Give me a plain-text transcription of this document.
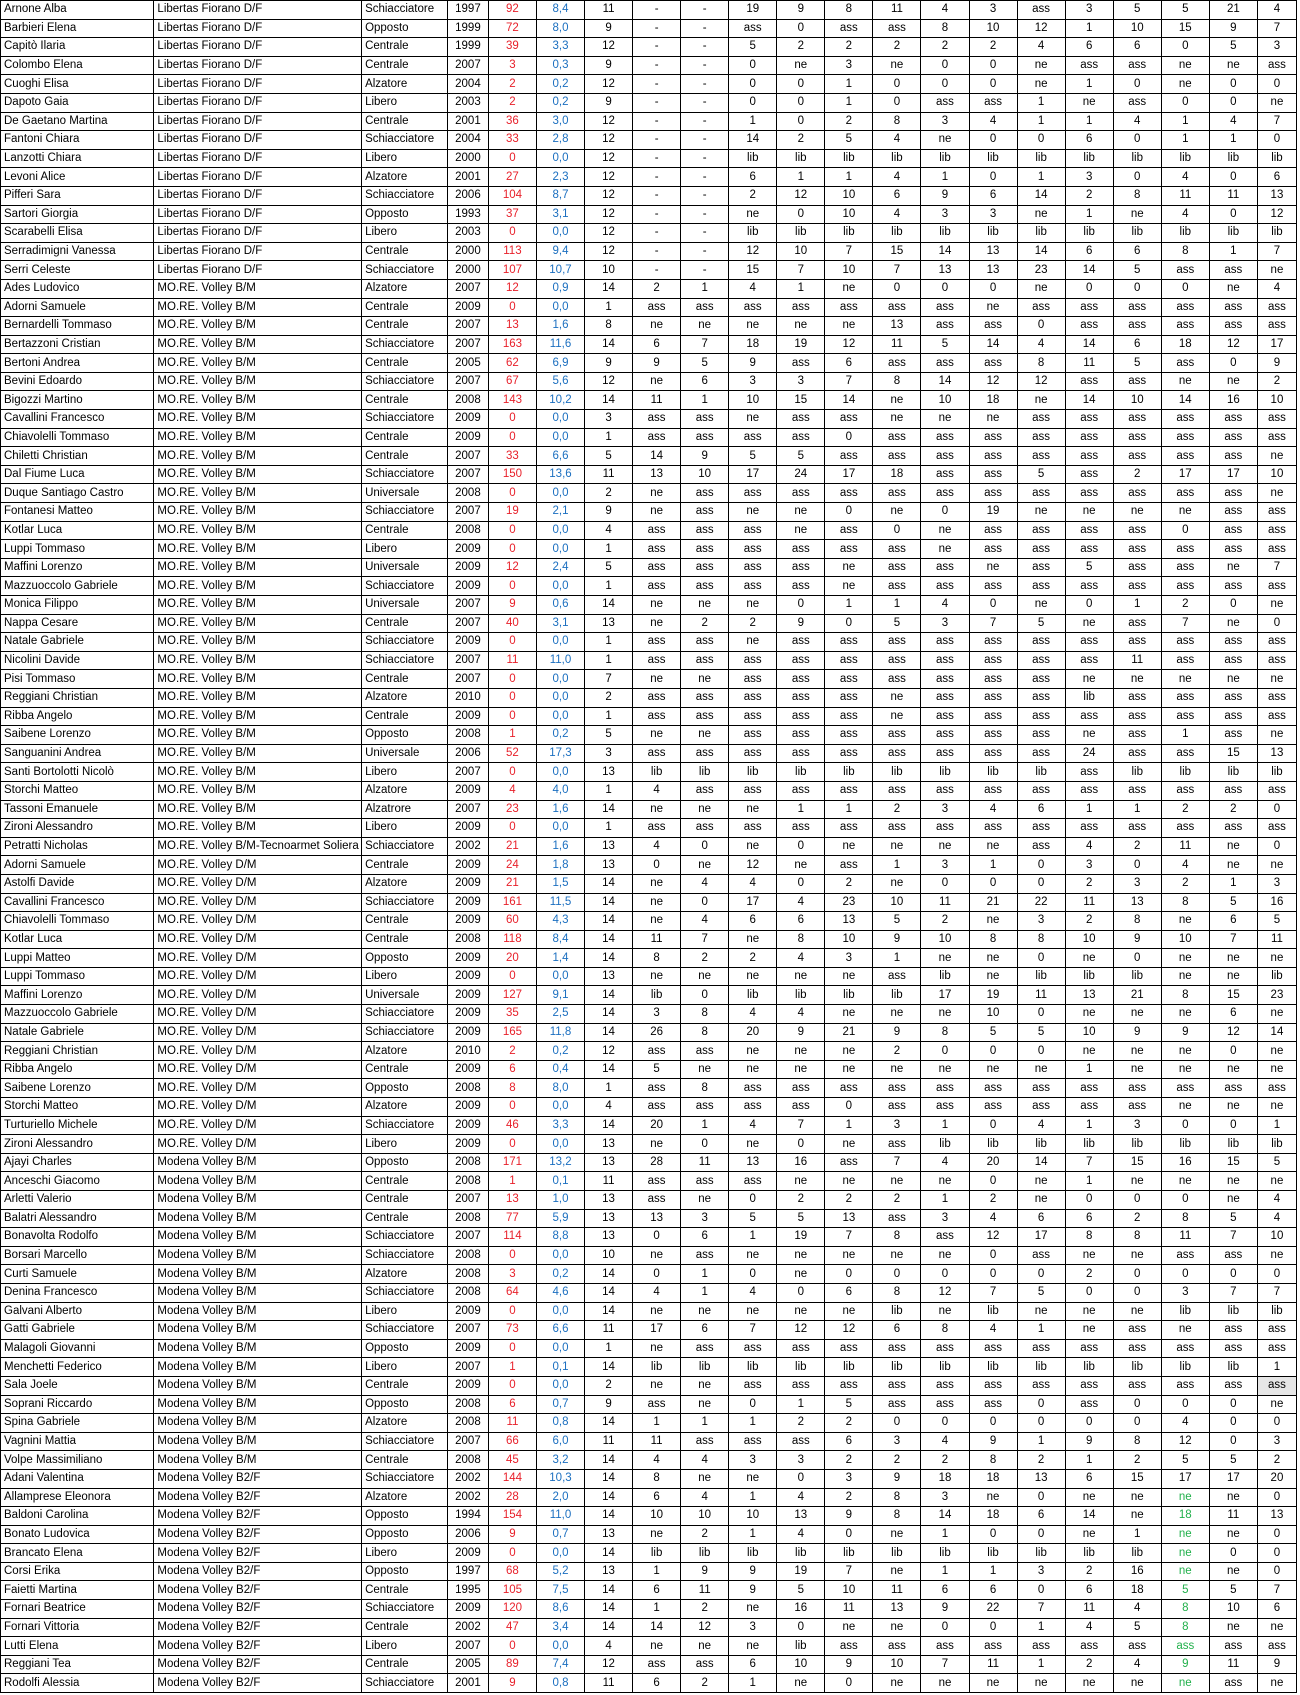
Arnone Alba	Libertas Fiorano D/F	Schiacciatore	1997	92	8,4	11	-	-	19	9	8	11	4	3	ass	3	5	5	21	4
Barbieri Elena	Libertas Fiorano D/F	Opposto	1999	72	8,0	9	-	-	ass	0	ass	ass	8	10	12	1	10	15	9	7
Capitò Ilaria	Libertas Fiorano D/F	Centrale	1999	39	3,3	12	-	-	5	2	2	2	2	2	4	6	6	0	5	3
Colombo Elena	Libertas Fiorano D/F	Centrale	2007	3	0,3	9	-	-	0	ne	3	ne	0	0	ne	ass	ass	ne	ne	ass
Cuoghi Elisa	Libertas Fiorano D/F	Alzatore	2004	2	0,2	12	-	-	0	0	1	0	0	0	ne	1	0	ne	0	0
Dapoto Gaia	Libertas Fiorano D/F	Libero	2003	2	0,2	9	-	-	0	0	1	0	ass	ass	1	ne	ass	0	0	ne
De Gaetano Martina	Libertas Fiorano D/F	Centrale	2001	36	3,0	12	-	-	1	0	2	8	3	4	1	1	4	1	4	7
Fantoni Chiara	Libertas Fiorano D/F	Schiacciatore	2004	33	2,8	12	-	-	14	2	5	4	ne	0	0	6	0	1	1	0
Lanzotti Chiara	Libertas Fiorano D/F	Libero	2000	0	0,0	12	-	-	lib	lib	lib	lib	lib	lib	lib	lib	lib	lib	lib	lib
Levoni Alice	Libertas Fiorano D/F	Alzatore	2001	27	2,3	12	-	-	6	1	1	4	1	0	1	3	0	4	0	6
Pifferi Sara	Libertas Fiorano D/F	Schiacciatore	2006	104	8,7	12	-	-	2	12	10	6	9	6	14	2	8	11	11	13
Sartori Giorgia	Libertas Fiorano D/F	Opposto	1993	37	3,1	12	-	-	ne	0	10	4	3	3	ne	1	ne	4	0	12
Scarabelli Elisa	Libertas Fiorano D/F	Libero	2003	0	0,0	12	-	-	lib	lib	lib	lib	lib	lib	lib	lib	lib	lib	lib	lib
Serradimigni Vanessa	Libertas Fiorano D/F	Centrale	2000	113	9,4	12	-	-	12	10	7	15	14	13	14	6	6	8	1	7
Serri Celeste	Libertas Fiorano D/F	Schiacciatore	2000	107	10,7	10	-	-	15	7	10	7	13	13	23	14	5	ass	ass	ne
Ades Ludovico	MO.RE. Volley B/M	Alzatore	2007	12	0,9	14	2	1	4	1	ne	0	0	0	ne	0	0	0	ne	4
Adorni Samuele	MO.RE. Volley B/M	Centrale	2009	0	0,0	1	ass	ass	ass	ass	ass	ass	ass	ne	ass	ass	ass	ass	ass	ass
Bernardelli Tommaso	MO.RE. Volley B/M	Centrale	2007	13	1,6	8	ne	ne	ne	ne	ne	13	ass	ass	0	ass	ass	ass	ass	ass
Bertazzoni Cristian	MO.RE. Volley B/M	Schiacciatore	2007	163	11,6	14	6	7	18	19	12	11	5	14	4	14	6	18	12	17
Bertoni Andrea	MO.RE. Volley B/M	Centrale	2005	62	6,9	9	9	5	9	ass	6	ass	ass	ass	8	11	5	ass	0	9
Bevini Edoardo	MO.RE. Volley B/M	Schiacciatore	2007	67	5,6	12	ne	6	3	3	7	8	14	12	12	ass	ass	ne	ne	2
Bigozzi Martino	MO.RE. Volley B/M	Centrale	2008	143	10,2	14	11	1	10	15	14	ne	10	18	ne	14	10	14	16	10
Cavallini Francesco	MO.RE. Volley B/M	Schiacciatore	2009	0	0,0	3	ass	ass	ne	ass	ass	ne	ne	ne	ass	ass	ass	ass	ass	ass
Chiavolelli Tommaso	MO.RE. Volley B/M	Centrale	2009	0	0,0	1	ass	ass	ass	ass	0	ass	ass	ass	ass	ass	ass	ass	ass	ass
Chiletti Christian	MO.RE. Volley B/M	Centrale	2007	33	6,6	5	14	9	5	5	ass	ass	ass	ass	ass	ass	ass	ass	ass	ne
Dal Fiume Luca	MO.RE. Volley B/M	Schiacciatore	2007	150	13,6	11	13	10	17	24	17	18	ass	ass	5	ass	2	17	17	10
Duque Santiago Castro	MO.RE. Volley B/M	Universale	2008	0	0,0	2	ne	ass	ass	ass	ass	ass	ass	ass	ass	ass	ass	ass	ass	ne
Fontanesi Matteo	MO.RE. Volley B/M	Schiacciatore	2007	19	2,1	9	ne	ass	ne	ne	0	ne	0	19	ne	ne	ne	ne	ass	ass
Kotlar Luca	MO.RE. Volley B/M	Centrale	2008	0	0,0	4	ass	ass	ass	ne	ass	0	ne	ass	ass	ass	ass	0	ass	ass
Luppi Tommaso	MO.RE. Volley B/M	Libero	2009	0	0,0	1	ass	ass	ass	ass	ass	ass	ne	ass	ass	ass	ass	ass	ass	ass
Maffini Lorenzo	MO.RE. Volley B/M	Universale	2009	12	2,4	5	ass	ass	ass	ass	ne	ass	ass	ne	ass	5	ass	ass	ne	7
Mazzuoccolo Gabriele	MO.RE. Volley B/M	Schiacciatore	2009	0	0,0	1	ass	ass	ass	ass	ne	ass	ass	ass	ass	ass	ass	ass	ass	ass
Monica Filippo	MO.RE. Volley B/M	Universale	2007	9	0,6	14	ne	ne	ne	0	1	1	4	0	ne	0	1	2	0	ne
Nappa Cesare	MO.RE. Volley B/M	Centrale	2007	40	3,1	13	ne	2	2	9	0	5	3	7	5	ne	ass	7	ne	0
Natale Gabriele	MO.RE. Volley B/M	Schiacciatore	2009	0	0,0	1	ass	ass	ne	ass	ass	ass	ass	ass	ass	ass	ass	ass	ass	ass
Nicolini Davide	MO.RE. Volley B/M	Schiacciatore	2007	11	11,0	1	ass	ass	ass	ass	ass	ass	ass	ass	ass	ass	11	ass	ass	ass
Pisi Tommaso	MO.RE. Volley B/M	Centrale	2007	0	0,0	7	ne	ne	ass	ass	ass	ass	ass	ass	ass	ne	ne	ne	ne	ne
Reggiani Christian	MO.RE. Volley B/M	Alzatore	2010	0	0,0	2	ass	ass	ass	ass	ass	ne	ass	ass	ass	lib	ass	ass	ass	ass
Ribba Angelo	MO.RE. Volley B/M	Centrale	2009	0	0,0	1	ass	ass	ass	ass	ass	ne	ass	ass	ass	ass	ass	ass	ass	ass
Saibene Lorenzo	MO.RE. Volley B/M	Opposto	2008	1	0,2	5	ne	ne	ass	ass	ass	ass	ass	ass	ass	ne	ass	1	ass	ne
Sanguanini Andrea	MO.RE. Volley B/M	Universale	2006	52	17,3	3	ass	ass	ass	ass	ass	ass	ass	ass	ass	24	ass	ass	15	13
Santi Bortolotti Nicolò	MO.RE. Volley B/M	Libero	2007	0	0,0	13	lib	lib	lib	lib	lib	lib	lib	lib	lib	ass	lib	lib	lib	lib
Storchi Matteo	MO.RE. Volley B/M	Alzatore	2009	4	4,0	1	4	ass	ass	ass	ass	ass	ass	ass	ass	ass	ass	ass	ass	ass
Tassoni Emanuele	MO.RE. Volley B/M	Alzatrore	2007	23	1,6	14	ne	ne	ne	1	1	2	3	4	6	1	1	2	2	0
Zironi Alessandro	MO.RE. Volley B/M	Libero	2009	0	0,0	1	ass	ass	ass	ass	ass	ass	ass	ass	ass	ass	ass	ass	ass	ass
Petratti Nicholas	MO.RE. Volley B/M-Tecnoarmet Soliera	Schiacciatore	2002	21	1,6	13	4	0	ne	0	ne	ne	ne	ne	ass	4	2	11	ne	0
Adorni Samuele	MO.RE. Volley D/M	Centrale	2009	24	1,8	13	0	ne	12	ne	ass	1	3	1	0	3	0	4	ne	ne
Astolfi Davide	MO.RE. Volley D/M	Alzatore	2009	21	1,5	14	ne	4	4	0	2	ne	0	0	0	2	3	2	1	3
Cavallini Francesco	MO.RE. Volley D/M	Schiacciatore	2009	161	11,5	14	ne	0	17	4	23	10	11	21	22	11	13	8	5	16
Chiavolelli Tommaso	MO.RE. Volley D/M	Centrale	2009	60	4,3	14	ne	4	6	6	13	5	2	ne	3	2	8	ne	6	5
Kotlar Luca	MO.RE. Volley D/M	Centrale	2008	118	8,4	14	11	7	ne	8	10	9	10	8	8	10	9	10	7	11
Luppi Matteo	MO.RE. Volley D/M	Opposto	2009	20	1,4	14	8	2	2	4	3	1	ne	ne	0	ne	0	ne	ne	ne
Luppi Tommaso	MO.RE. Volley D/M	Libero	2009	0	0,0	13	ne	ne	ne	ne	ne	ass	lib	ne	lib	lib	lib	ne	ne	lib
Maffini Lorenzo	MO.RE. Volley D/M	Universale	2009	127	9,1	14	lib	0	lib	lib	lib	lib	17	19	11	13	21	8	15	23
Mazzuoccolo Gabriele	MO.RE. Volley D/M	Schiacciatore	2009	35	2,5	14	3	8	4	4	ne	ne	ne	10	0	ne	ne	ne	6	ne
Natale Gabriele	MO.RE. Volley D/M	Schiacciatore	2009	165	11,8	14	26	8	20	9	21	9	8	5	5	10	9	9	12	14
Reggiani Christian	MO.RE. Volley D/M	Alzatore	2010	2	0,2	12	ass	ass	ne	ne	ne	2	0	0	0	ne	ne	ne	0	ne
Ribba Angelo	MO.RE. Volley D/M	Centrale	2009	6	0,4	14	5	ne	ne	ne	ne	ne	ne	ne	ne	1	ne	ne	ne	ne
Saibene Lorenzo	MO.RE. Volley D/M	Opposto	2008	8	8,0	1	ass	8	ass	ass	ass	ass	ass	ass	ass	ass	ass	ass	ass	ass
Storchi Matteo	MO.RE. Volley D/M	Alzatore	2009	0	0,0	4	ass	ass	ass	ass	0	ass	ass	ass	ass	ass	ass	ne	ne	ne
Turturiello Michele	MO.RE. Volley D/M	Schiacciatore	2009	46	3,3	14	20	1	4	7	1	3	1	0	4	1	3	0	0	1
Zironi Alessandro	MO.RE. Volley D/M	Libero	2009	0	0,0	13	ne	0	ne	0	ne	ass	lib	lib	lib	lib	lib	lib	lib	lib
Ajayi Charles	Modena Volley B/M	Opposto	2008	171	13,2	13	28	11	13	16	ass	7	4	20	14	7	15	16	15	5
Anceschi Giacomo	Modena Volley B/M	Centrale	2008	1	0,1	11	ass	ass	ass	ne	ne	ne	ne	0	ne	1	ne	ne	ne	ne
Arletti Valerio	Modena Volley B/M	Centrale	2007	13	1,0	13	ass	ne	0	2	2	2	1	2	ne	0	0	0	ne	4
Balatri Alessandro	Modena Volley B/M	Centrale	2008	77	5,9	13	13	3	5	5	13	ass	3	4	6	6	2	8	5	4
Bonavolta Rodolfo	Modena Volley B/M	Schiacciatore	2007	114	8,8	13	0	6	1	19	7	8	ass	12	17	8	8	11	7	10
Borsari Marcello	Modena Volley B/M	Schiacciatore	2008	0	0,0	10	ne	ass	ne	ne	ne	ne	ne	0	ass	ne	ne	ass	ass	ne
Curti Samuele	Modena Volley B/M	Alzatore	2008	3	0,2	14	0	1	0	ne	0	0	0	0	0	2	0	0	0	0
Denina Francesco	Modena Volley B/M	Schiacciatore	2008	64	4,6	14	4	1	4	0	6	8	12	7	5	0	0	3	7	7
Galvani Alberto	Modena Volley B/M	Libero	2009	0	0,0	14	ne	ne	ne	ne	ne	lib	ne	lib	ne	ne	ne	lib	lib	lib
Gatti Gabriele	Modena Volley B/M	Schiacciatore	2007	73	6,6	11	17	6	7	12	12	6	8	4	1	ne	ass	ne	ass	ass
Malagoli Giovanni	Modena Volley B/M	Opposto	2009	0	0,0	1	ne	ass	ass	ass	ass	ass	ass	ass	ass	ass	ass	ass	ass	ass
Menchetti Federico	Modena Volley B/M	Libero	2007	1	0,1	14	lib	lib	lib	lib	lib	lib	lib	lib	lib	lib	lib	lib	lib	1
Sala Joele	Modena Volley B/M	Centrale	2009	0	0,0	2	ne	ne	ass	ass	ass	ass	ass	ass	ass	ass	ass	ass	ass	ass
Soprani Riccardo	Modena Volley B/M	Opposto	2008	6	0,7	9	ass	ne	0	1	5	ass	ass	ass	0	ass	0	0	0	ne
Spina Gabriele	Modena Volley B/M	Alzatore	2008	11	0,8	14	1	1	1	2	2	0	0	0	0	0	0	4	0	0
Vagnini Mattia	Modena Volley B/M	Schiacciatore	2007	66	6,0	11	11	ass	ass	ass	6	3	4	9	1	9	8	12	0	3
Volpe Massimiliano	Modena Volley B/M	Centrale	2008	45	3,2	14	4	4	3	3	2	2	2	8	2	1	2	5	5	2
Adani Valentina	Modena Volley B2/F	Schiacciatore	2002	144	10,3	14	8	ne	ne	0	3	9	18	18	13	6	15	17	17	20
Allamprese Eleonora	Modena Volley B2/F	Alzatore	2002	28	2,0	14	6	4	1	4	2	8	3	ne	0	ne	ne	ne	ne	0
Baldoni Carolina	Modena Volley B2/F	Opposto	1994	154	11,0	14	10	10	10	13	9	8	14	18	6	14	ne	18	11	13
Bonato Ludovica	Modena Volley B2/F	Opposto	2006	9	0,7	13	ne	2	1	4	0	ne	1	0	0	ne	1	ne	ne	0
Brancato Elena	Modena Volley B2/F	Libero	2009	0	0,0	14	lib	lib	lib	lib	lib	lib	lib	lib	lib	lib	lib	ne	0	0
Corsi Erika	Modena Volley B2/F	Opposto	1997	68	5,2	13	1	9	9	19	7	ne	1	1	3	2	16	ne	ne	0
Faietti Martina	Modena Volley B2/F	Centrale	1995	105	7,5	14	6	11	9	5	10	11	6	6	0	6	18	5	5	7
Fornari Beatrice	Modena Volley B2/F	Schiacciatore	2009	120	8,6	14	1	2	ne	16	11	13	9	22	7	11	4	8	10	6
Fornari Vittoria	Modena Volley B2/F	Centrale	2002	47	3,4	14	14	12	3	0	ne	ne	0	0	1	4	5	8	ne	ne
Lutti Elena	Modena Volley B2/F	Libero	2007	0	0,0	4	ne	ne	ne	lib	ass	ass	ass	ass	ass	ass	ass	ass	ass	ass
Reggiani Tea	Modena Volley B2/F	Centrale	2005	89	7,4	12	ass	ass	6	10	9	10	7	11	1	2	4	9	11	9
Rodolfi Alessia	Modena Volley B2/F	Schiacciatore	2001	9	0,8	11	6	2	1	ne	0	ne	ne	ne	ne	ne	ne	ne	ass	ne
